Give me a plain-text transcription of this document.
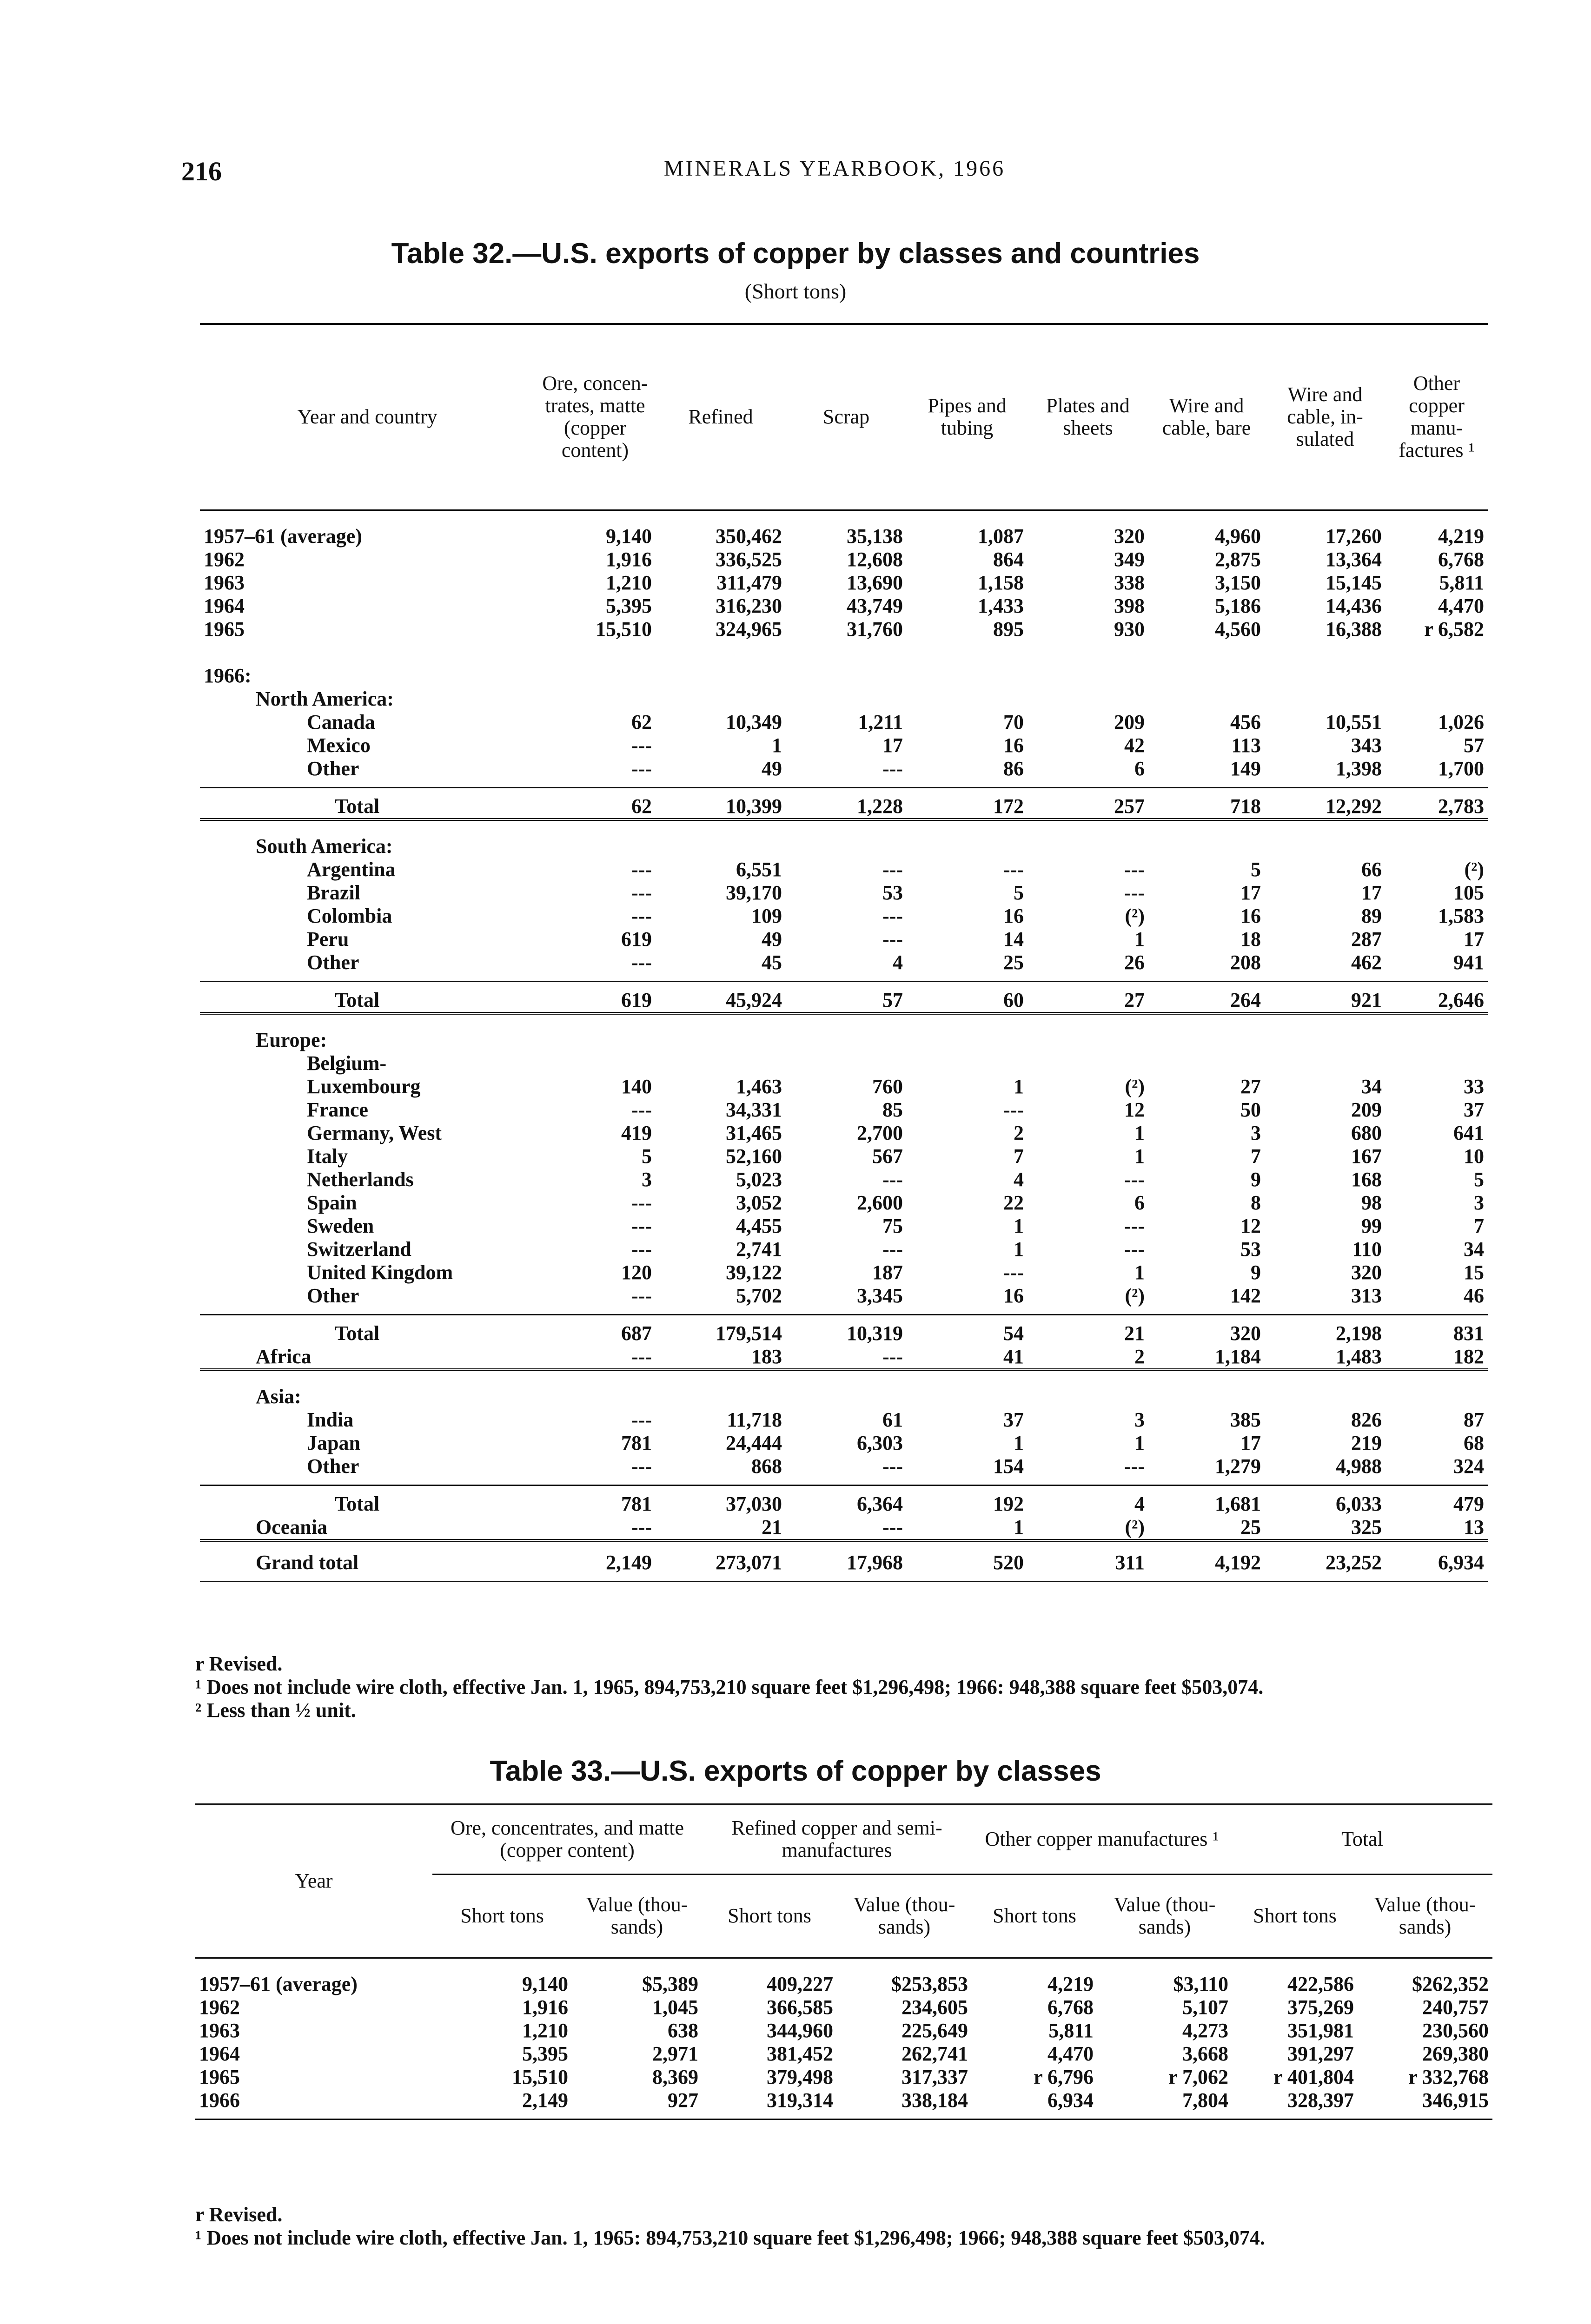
216	MINERALS YEARBOOK, 1966
Table 32.—U.S. exports of copper by classes and countries
(Short tons)
Year and country	Ore, concen- trates, matte (copper content)	Refined	Scrap	Pipes and tubing	Plates and sheets	Wire and cable, bare	Wire and cable, in- sulated	Other copper manu- factures ¹

1957–61 (average)	9,140	350,462	35,138	1,087	320	4,960	17,260	4,219
1962	1,916	336,525	12,608	864	349	2,875	13,364	6,768
1963	1,210	311,479	13,690	1,158	338	3,150	15,145	5,811
1964	5,395	316,230	43,749	1,433	398	5,186	14,436	4,470
1965	15,510	324,965	31,760	895	930	4,560	16,388	r 6,582

1966:								
North America:								
Canada	62	10,349	1,211	70	209	456	10,551	1,026
Mexico	---	1	17	16	42	113	343	57
Other	---	49	---	86	6	149	1,398	1,700

Total	62	10,399	1,228	172	257	718	12,292	2,783

South America:								
Argentina	---	6,551	---	---	---	5	66	(²)
Brazil	---	39,170	53	5	---	17	17	105
Colombia	---	109	---	16	(²)	16	89	1,583
Peru	619	49	---	14	1	18	287	17
Other	---	45	4	25	26	208	462	941

Total	619	45,924	57	60	27	264	921	2,646

Europe:								
Belgium-								
Luxembourg	140	1,463	760	1	(²)	27	34	33
France	---	34,331	85	---	12	50	209	37
Germany, West	419	31,465	2,700	2	1	3	680	641
Italy	5	52,160	567	7	1	7	167	10
Netherlands	3	5,023	---	4	---	9	168	5
Spain	---	3,052	2,600	22	6	8	98	3
Sweden	---	4,455	75	1	---	12	99	7
Switzerland	---	2,741	---	1	---	53	110	34
United Kingdom	120	39,122	187	---	1	9	320	15
Other	---	5,702	3,345	16	(²)	142	313	46

Total	687	179,514	10,319	54	21	320	2,198	831
Africa	---	183	---	41	2	1,184	1,483	182

Asia:								
India	---	11,718	61	37	3	385	826	87
Japan	781	24,444	6,303	1	1	17	219	68
Other	---	868	---	154	---	1,279	4,988	324

Total	781	37,030	6,364	192	4	1,681	6,033	479
Oceania	---	21	---	1	(²)	25	325	13

Grand total	2,149	273,071	17,968	520	311	4,192	23,252	6,934

r Revised.

¹ Does not include wire cloth, effective Jan. 1, 1965, 894,753,210 square feet $1,296,498; 1966: 948,388 square feet $503,074.

² Less than ½ unit.

Table 33.—U.S. exports of copper by classes
Year	Ore, concentrates, and matte (copper content)		Refined copper and semi- manufactures		Other copper manufactures ¹		Total	
	Short tons	Value (thou- sands)	Short tons	Value (thou- sands)	Short tons	Value (thou- sands)	Short tons	Value (thou- sands)

1957–61 (average)	9,140	$5,389	409,227	$253,853	4,219	$3,110	422,586	$262,352
1962	1,916	1,045	366,585	234,605	6,768	5,107	375,269	240,757
1963	1,210	638	344,960	225,649	5,811	4,273	351,981	230,560
1964	5,395	2,971	381,452	262,741	4,470	3,668	391,297	269,380
1965	15,510	8,369	379,498	317,337	r 6,796	r 7,062	r 401,804	r 332,768
1966	2,149	927	319,314	338,184	6,934	7,804	328,397	346,915

r Revised.

¹ Does not include wire cloth, effective Jan. 1, 1965: 894,753,210 square feet $1,296,498; 1966; 948,388 square feet $503,074.
